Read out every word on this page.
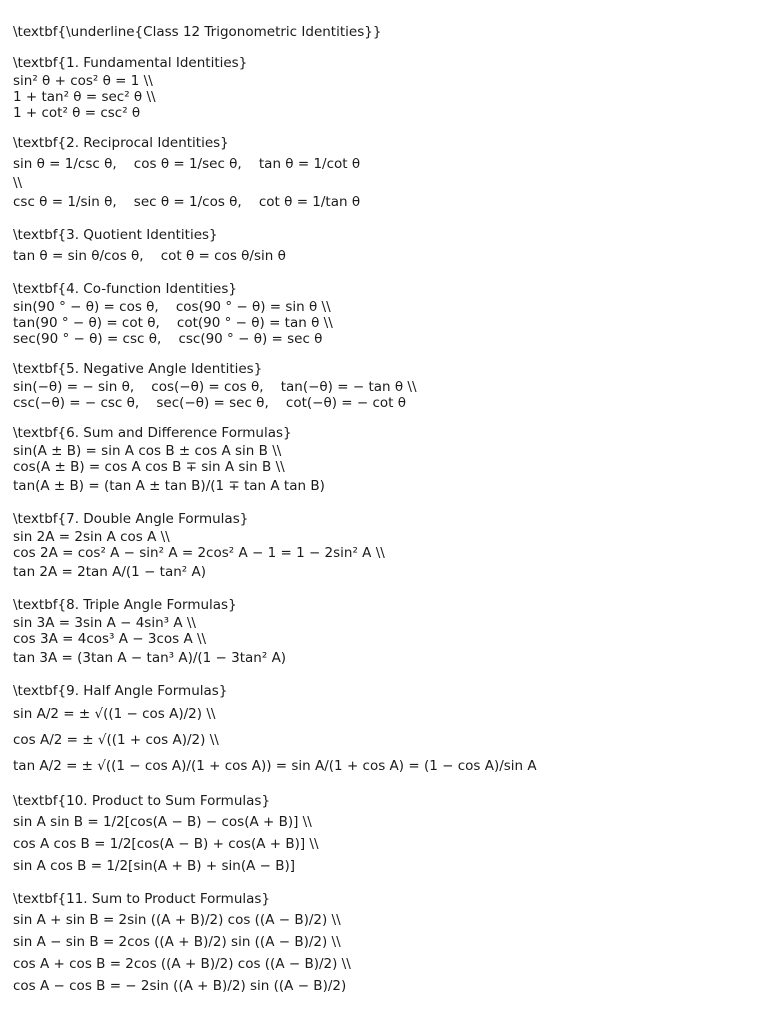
\textbf{\underline{Class 12 Trigonometric Identities}}
\textbf{1. Fundamental Identities}
sin² θ + cos² θ = 1 \\
1 + tan² θ = sec² θ \\
1 + cot² θ = csc² θ
\textbf{2. Reciprocal Identities}
sin θ = 1/csc θ,    cos θ = 1/sec θ,    tan θ = 1/cot θ
\\
csc θ = 1/sin θ,    sec θ = 1/cos θ,    cot θ = 1/tan θ
\textbf{3. Quotient Identities}
tan θ = sin θ/cos θ,    cot θ = cos θ/sin θ
\textbf{4. Co-function Identities}
sin(90 ° − θ) = cos θ,    cos(90 ° − θ) = sin θ \\
tan(90 ° − θ) = cot θ,    cot(90 ° − θ) = tan θ \\
sec(90 ° − θ) = csc θ,    csc(90 ° − θ) = sec θ
\textbf{5. Negative Angle Identities}
sin(−θ) = − sin θ,    cos(−θ) = cos θ,    tan(−θ) = − tan θ \\
csc(−θ) = − csc θ,    sec(−θ) = sec θ,    cot(−θ) = − cot θ
\textbf{6. Sum and Difference Formulas}
sin(A ± B) = sin A cos B ± cos A sin B \\
cos(A ± B) = cos A cos B ∓ sin A sin B \\
tan(A ± B) = (tan A ± tan B)/(1 ∓ tan A tan B)
\textbf{7. Double Angle Formulas}
sin 2A = 2sin A cos A \\
cos 2A = cos² A − sin² A = 2cos² A − 1 = 1 − 2sin² A \\
tan 2A = 2tan A/(1 − tan² A)
\textbf{8. Triple Angle Formulas}
sin 3A = 3sin A − 4sin³ A \\
cos 3A = 4cos³ A − 3cos A \\
tan 3A = (3tan A − tan³ A)/(1 − 3tan² A)
\textbf{9. Half Angle Formulas}
sin A/2 = ± √((1 − cos A)/2) \\
cos A/2 = ± √((1 + cos A)/2) \\
tan A/2 = ± √((1 − cos A)/(1 + cos A)) = sin A/(1 + cos A) = (1 − cos A)/sin A
\textbf{10. Product to Sum Formulas}
sin A sin B = 1/2[cos(A − B) − cos(A + B)] \\
cos A cos B = 1/2[cos(A − B) + cos(A + B)] \\
sin A cos B = 1/2[sin(A + B) + sin(A − B)]
\textbf{11. Sum to Product Formulas}
sin A + sin B = 2sin ((A + B)/2) cos ((A − B)/2) \\
sin A − sin B = 2cos ((A + B)/2) sin ((A − B)/2) \\
cos A + cos B = 2cos ((A + B)/2) cos ((A − B)/2) \\
cos A − cos B = − 2sin ((A + B)/2) sin ((A − B)/2)
